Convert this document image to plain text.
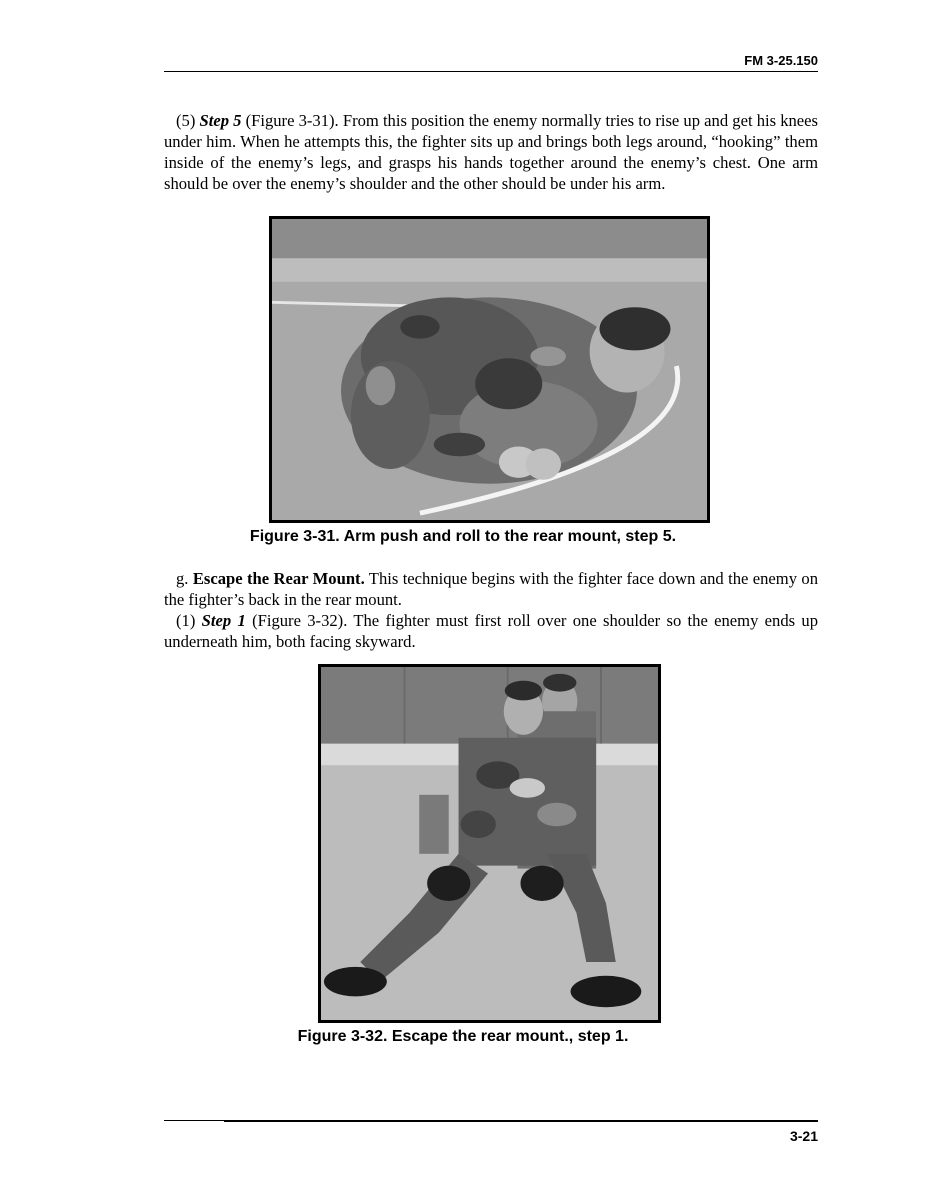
FM 3-25.150

(5) Step 5 (Figure 3-31). From this position the enemy normally tries to rise up and get his knees under him. When he attempts this, the fighter sits up and brings both legs around, “hooking” them inside of the enemy’s legs, and grasps his hands together around the enemy’s chest. One arm should be over the enemy’s shoulder and the other should be under his arm.

Figure 3-31. Arm push and roll to the rear mount, step 5.

g. Escape the Rear Mount. This technique begins with the fighter face down and the enemy on the fighter’s back in the rear mount.

(1) Step 1 (Figure 3-32). The fighter must first roll over one shoulder so the enemy ends up underneath him, both facing skyward.

Figure 3-32. Escape the rear mount., step 1.
3-21
